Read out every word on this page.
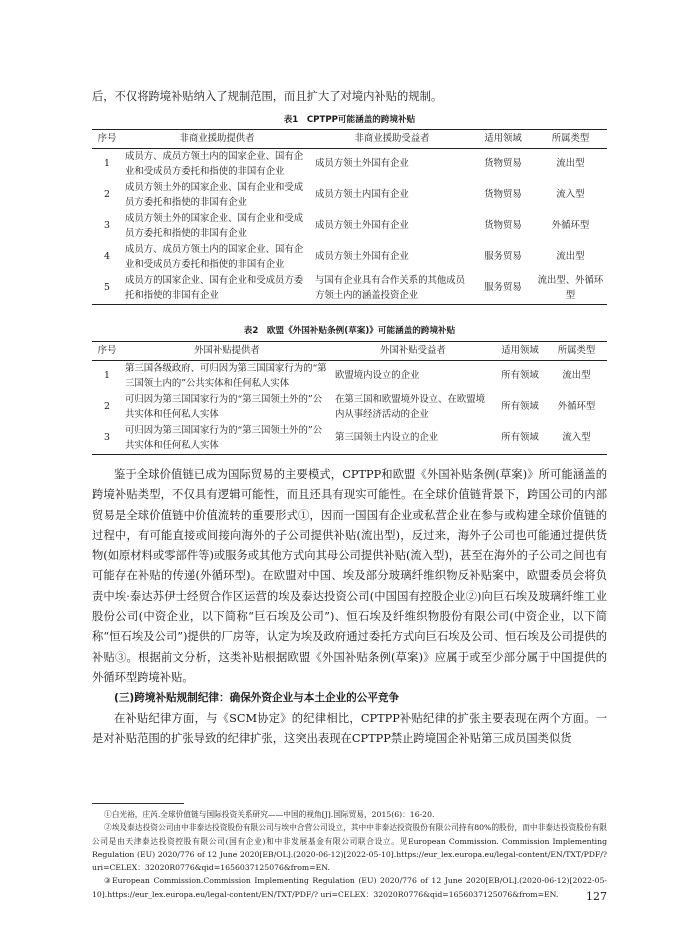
后，不仅将跨境补贴纳入了规制范围，而且扩大了对境内补贴的规制。
表1　CPTPP可能涵盖的跨境补贴
序号	非商业援助提供者	非商业援助受益者	适用领域	所属类型
1	成员方、成员方领土内的国家企业、国有企业和受成员方委托和指使的非国有企业	成员方领土外国有企业	货物贸易	流出型
2	成员方领土外的国家企业、国有企业和受成员方委托和指使的非国有企业	成员方领土内国有企业	货物贸易	流入型
3	成员方领土外的国家企业、国有企业和受成员方委托和指使的非国有企业	成员方领土外国有企业	货物贸易	外循环型
4	成员方、成员方领土内的国家企业、国有企业和受成员方委托和指使的非国有企业	成员方领土外国有企业	服务贸易	流出型
5	成员方的国家企业、国有企业和受成员方委托和指使的非国有企业	与国有企业具有合作关系的其他成员方领土内的涵盖投资企业	服务贸易	流出型、外循环型
表2　欧盟《外国补贴条例(草案)》可能涵盖的跨境补贴
序号	外国补贴提供者	外国补贴受益者	适用领域	所属类型
1	第三国各级政府、可归因为第三国国家行为的“第三国领土内的”公共实体和任何私人实体	欧盟境内设立的企业	所有领域	流出型
2	可归因为第三国国家行为的“第三国领土外的”公共实体和任何私人实体	在第三国和欧盟境外设立、在欧盟境内从事经济活动的企业	所有领域	外循环型
3	可归因为第三国国家行为的“第三国领土外的”公共实体和任何私人实体	第三国领土内设立的企业	所有领域	流入型
鉴于全球价值链已成为国际贸易的主要模式，CPTPP和欧盟《外国补贴条例(草案)》所可能涵盖的跨境补贴类型，不仅具有逻辑可能性，而且还具有现实可能性。在全球价值链背景下，跨国公司的内部贸易是全球价值链中价值流转的重要形式①，因而一国国有企业或私营企业在参与或构建全球价值链的过程中，有可能直接或间接向海外的子公司提供补贴(流出型)，反过来，海外子公司也可能通过提供货物(如原材料或零部件等)或服务或其他方式向其母公司提供补贴(流入型)，甚至在海外的子公司之间也有可能存在补贴的传递(外循环型)。在欧盟对中国、埃及部分玻璃纤维织物反补贴案中，欧盟委员会将负责中埃·泰达苏伊士经贸合作区运营的埃及泰达投资公司(中国国有控股企业②)向巨石埃及玻璃纤维工业股份公司(中资企业，以下简称“巨石埃及公司”)、恒石埃及纤维织物股份有限公司(中资企业，以下简称“恒石埃及公司”)提供的厂房等，认定为埃及政府通过委托方式向巨石埃及公司、恒石埃及公司提供的补贴③。根据前文分析，这类补贴根据欧盟《外国补贴条例(草案)》应属于或至少部分属于中国提供的外循环型跨境补贴。
(三)跨境补贴规制纪律：确保外资企业与本土企业的公平竞争
在补贴纪律方面，与《SCM协定》的纪律相比，CPTPP补贴纪律的扩张主要表现在两个方面。一是对补贴范围的扩张导致的纪律扩张，这突出表现在CPTPP禁止跨境国企补贴第三成员国类似货
①白光裕，庄芮.全球价值链与国际投资关系研究——中国的视角[J].国际贸易，2015(6)：16-20.
②埃及泰达投资公司由中非泰达投资股份有限公司与埃中合营公司设立，其中中非泰达投资股份有限公司持有80%的股份，而中非泰达投资股份有限公司是由天津泰达投资控股有限公司(国有企业)和中非发展基金有限公司联合设立。见European Commission. Commission Implementing Regulation (EU) 2020/776 of 12 June 2020[EB/OL].(2020-06-12)[2022-05-10].https://eur_lex.europa.eu/legal-content/EN/TXT/PDF/? uri=CELEX：32020R0776&qid=1656037125076&from=EN.
③European Commission.Commission Implementing Regulation (EU) 2020/776 of 12 June 2020[EB/OL].(2020-06-12)[2022-05-10].https://eur_lex.europa.eu/legal-content/EN/TXT/PDF/? uri=CELEX：32020R0776&qid=1656037125076&from=EN.	127
